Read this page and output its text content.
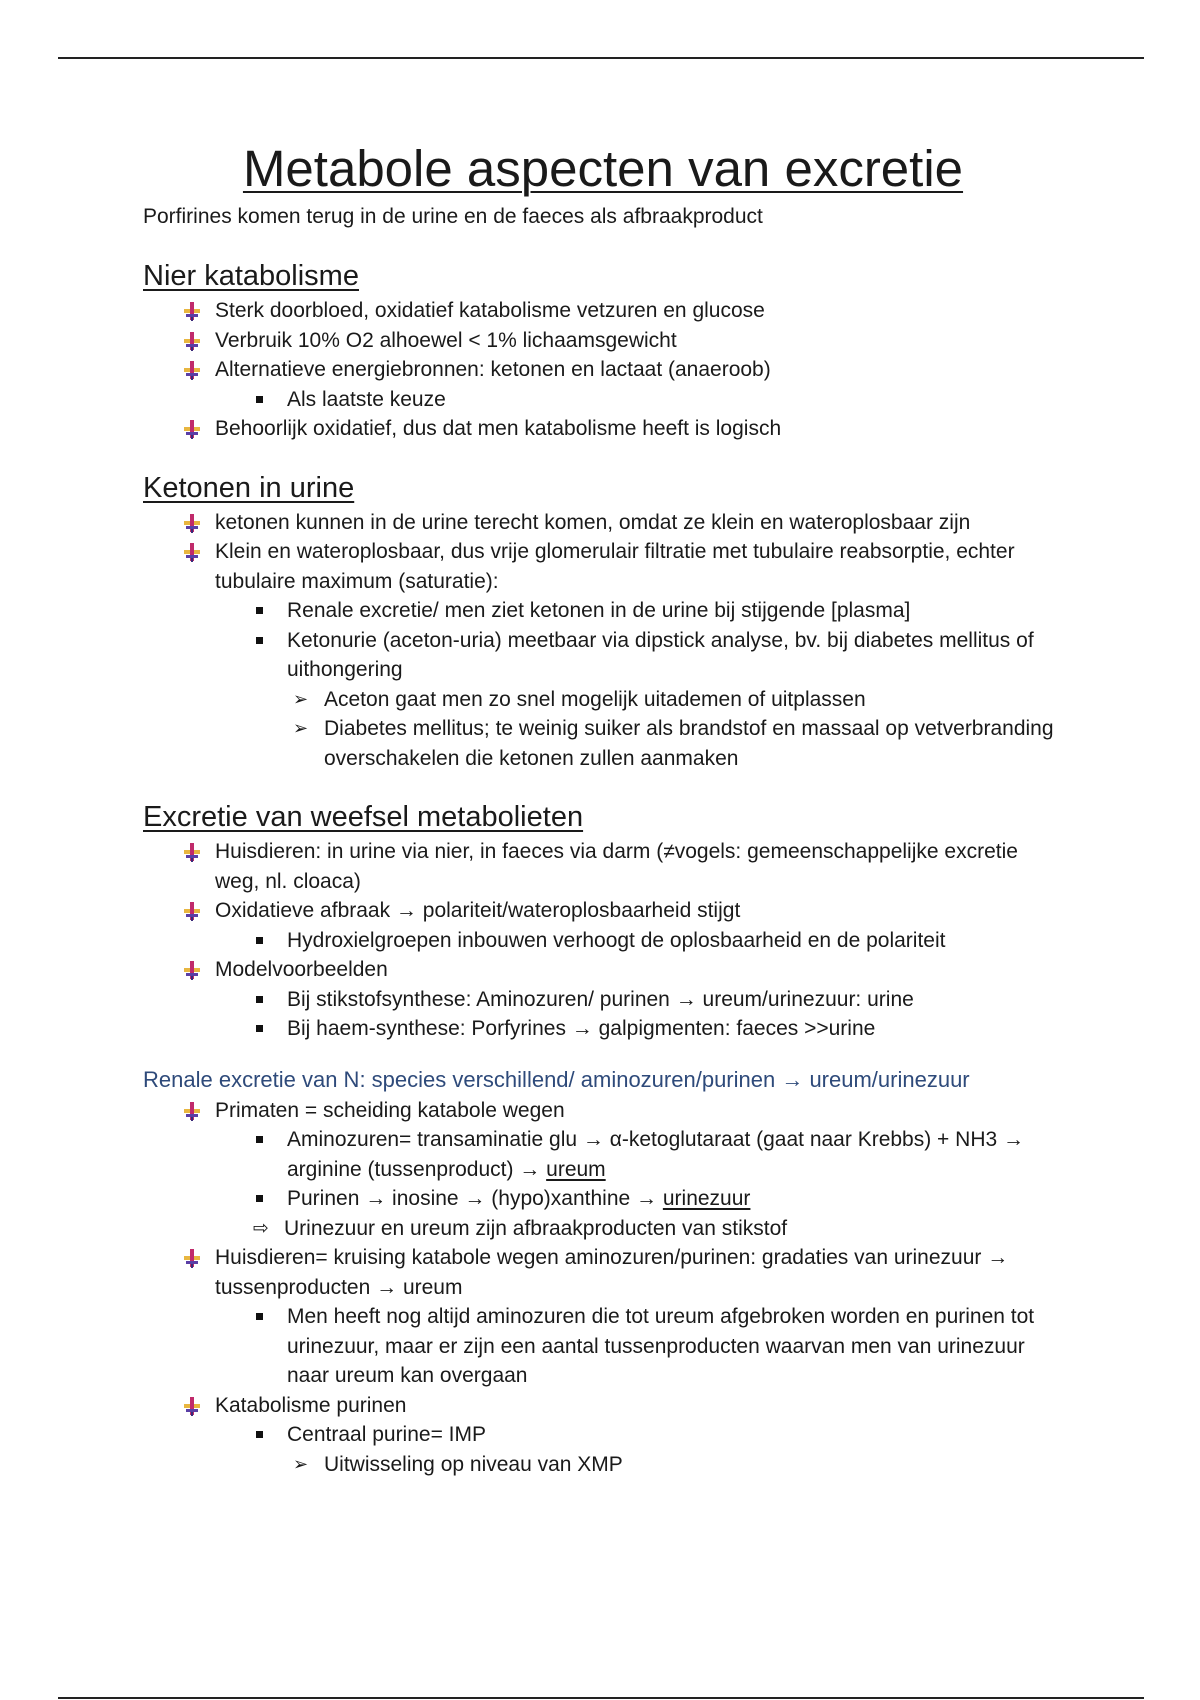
Metabole aspecten van excretie
Porfirines komen terug in de urine en de faeces als afbraakproduct
Nier katabolisme
Sterk doorbloed, oxidatief katabolisme vetzuren en glucose
Verbruik 10% O2 alhoewel < 1% lichaamsgewicht
Alternatieve energiebronnen: ketonen en lactaat (anaeroob)
Als laatste keuze
Behoorlijk oxidatief, dus dat men katabolisme heeft is logisch
Ketonen in urine
ketonen kunnen in de urine terecht komen, omdat ze klein en wateroplosbaar zijn
Klein en wateroplosbaar, dus vrije glomerulair filtratie met tubulaire reabsorptie, echter tubulaire maximum (saturatie):
Renale excretie/ men ziet ketonen in de urine bij stijgende [plasma]
Ketonurie (aceton-uria) meetbaar via dipstick analyse, bv. bij diabetes mellitus of uithongering
➢ Aceton gaat men zo snel mogelijk uitademen of uitplassen
➢ Diabetes mellitus; te weinig suiker als brandstof en massaal op vetverbranding overschakelen die ketonen zullen aanmaken
Excretie van weefsel metabolieten
Huisdieren: in urine via nier, in faeces via darm (≠vogels: gemeenschappelijke excretie weg, nl. cloaca)
Oxidatieve afbraak → polariteit/wateroplosbaarheid stijgt
Hydroxielgroepen inbouwen verhoogt de oplosbaarheid en de polariteit
Modelvoorbeelden
Bij stikstofsynthese: Aminozuren/ purinen → ureum/urinezuur: urine
Bij haem-synthese: Porfyrines → galpigmenten: faeces >>urine
Renale excretie van N: species verschillend/ aminozuren/purinen → ureum/urinezuur
Primaten = scheiding katabole wegen
Aminozuren= transaminatie glu → α-ketoglutaraat (gaat naar Krebbs) + NH3 → arginine (tussenproduct) → ureum
Purinen → inosine → (hypo)xanthine → urinezuur
⇨ Urinezuur en ureum zijn afbraakproducten van stikstof
Huisdieren= kruising katabole wegen aminozuren/purinen: gradaties van urinezuur → tussenproducten → ureum
Men heeft nog altijd aminozuren die tot ureum afgebroken worden en purinen tot urinezuur, maar er zijn een aantal tussenproducten waarvan men van urinezuur naar ureum kan overgaan
Katabolisme purinen
Centraal purine= IMP
➢ Uitwisseling op niveau van XMP
